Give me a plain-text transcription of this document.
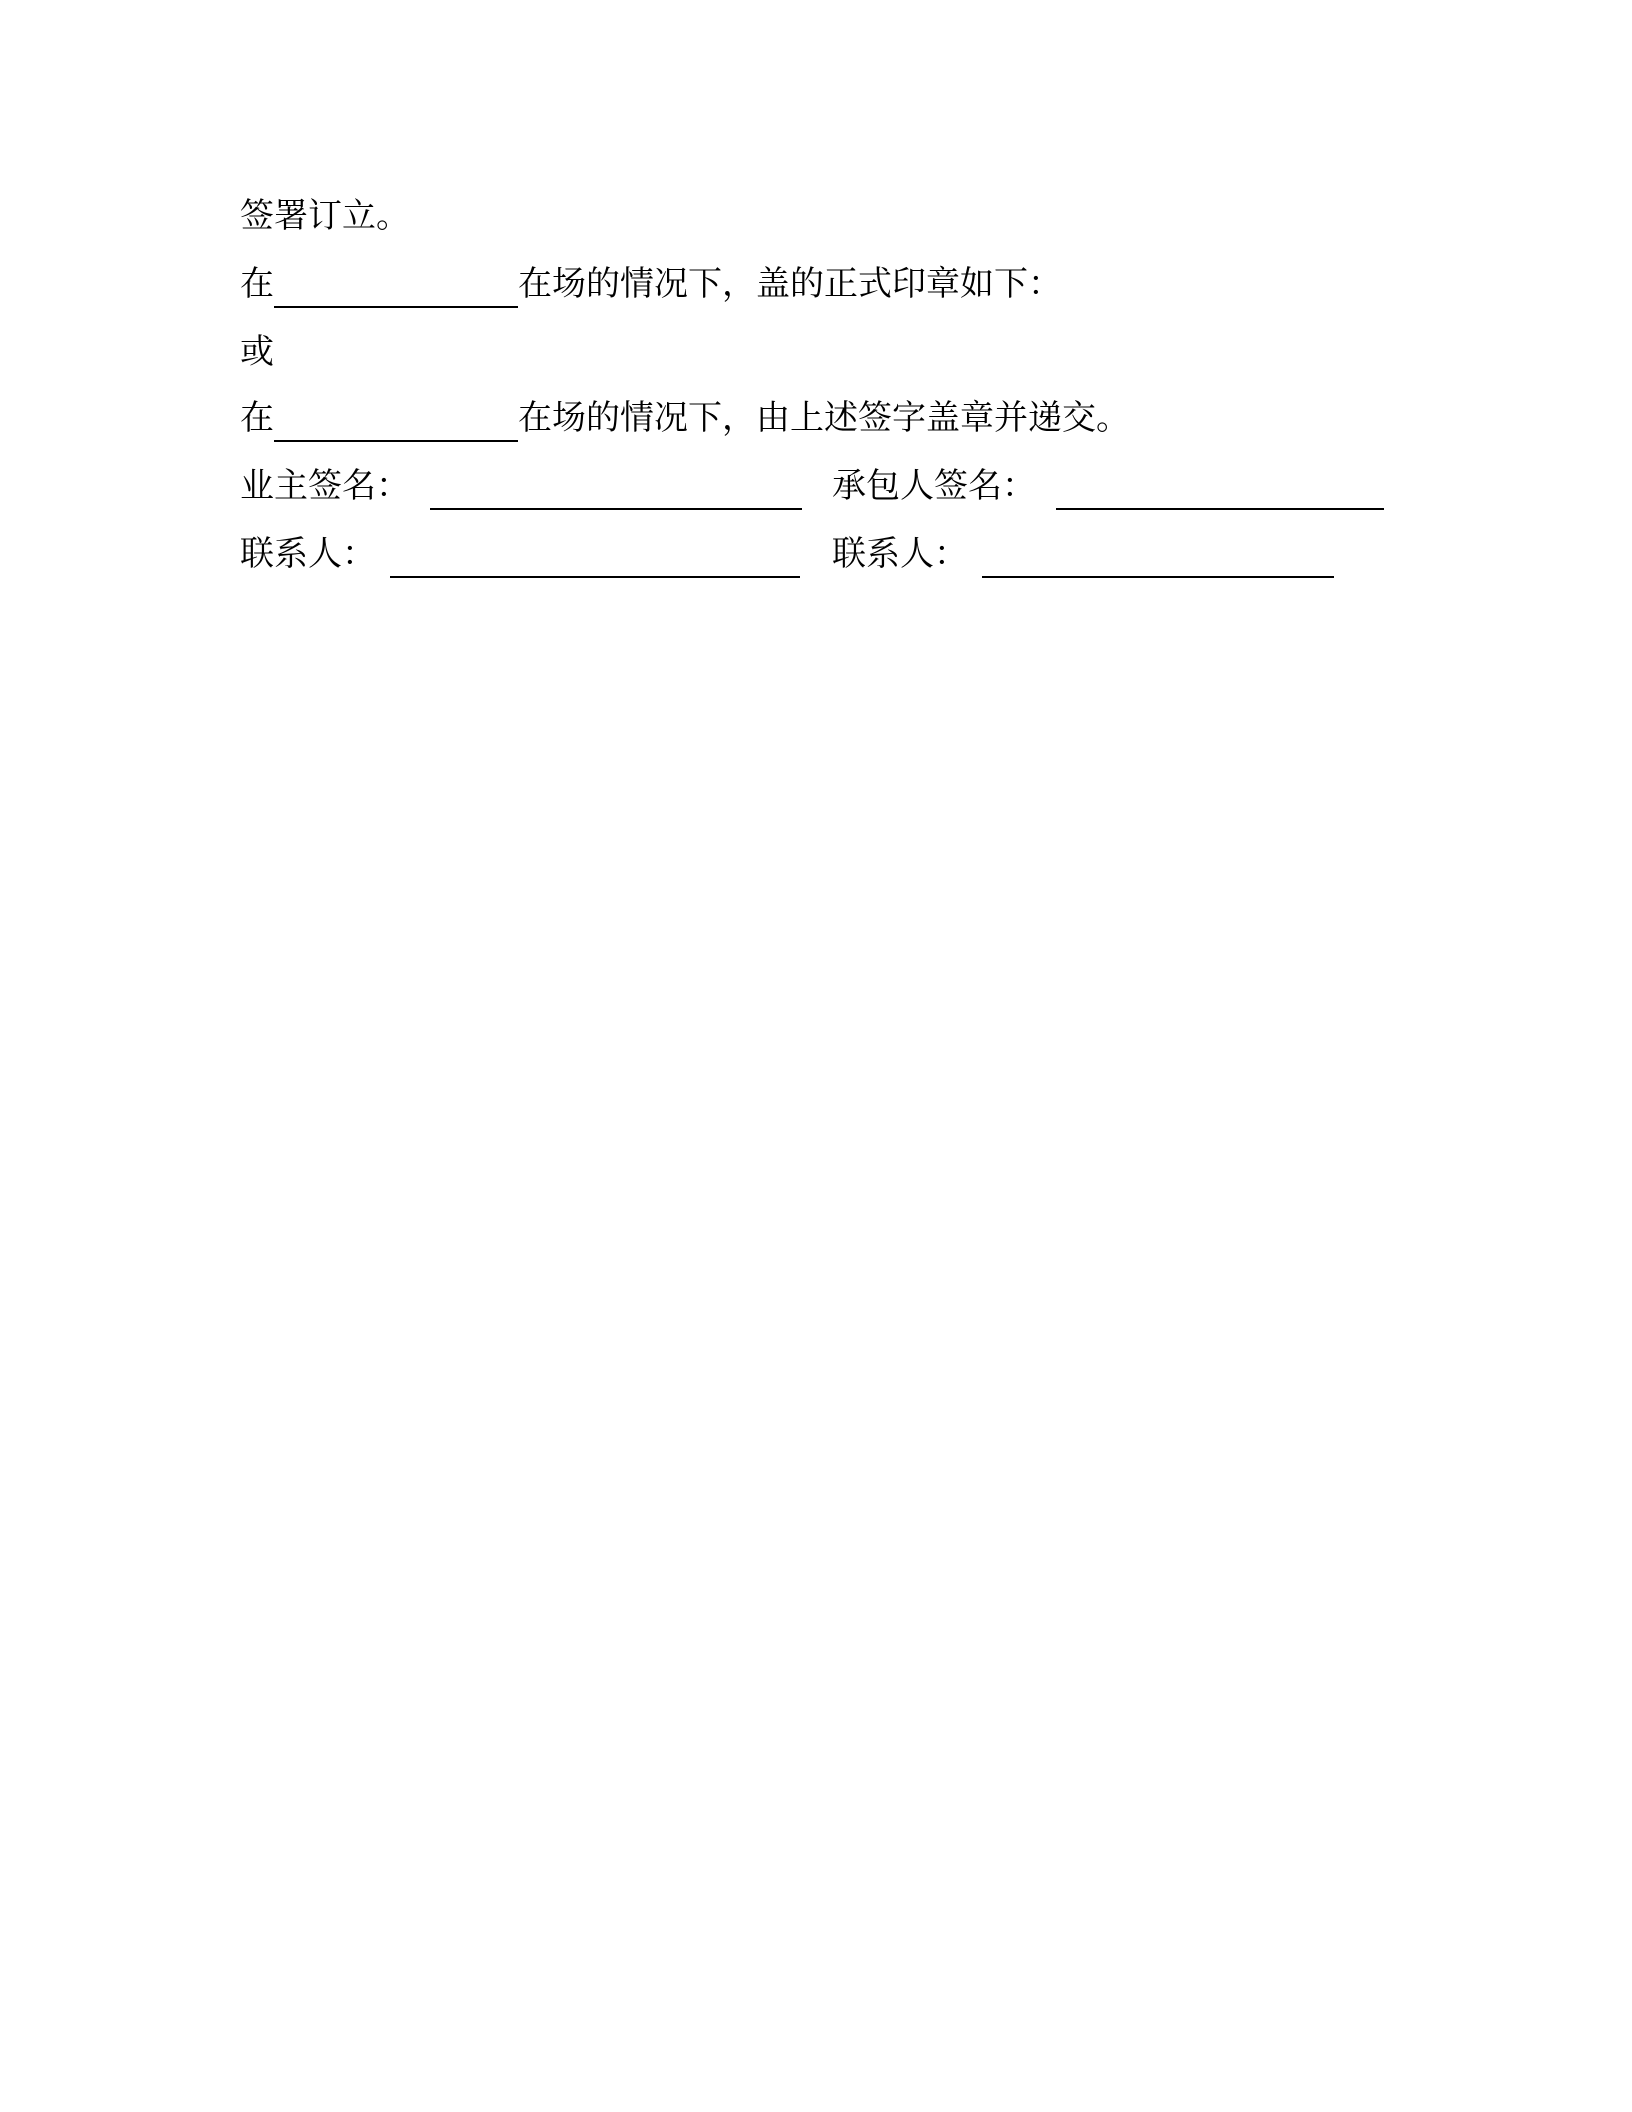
签署订立。
在	在场的情况下，盖的正式印章如下：
或
在	在场的情况下，由上述签字盖章并递交。
业主签名：	承包人签名：
联系人：	联系人：
